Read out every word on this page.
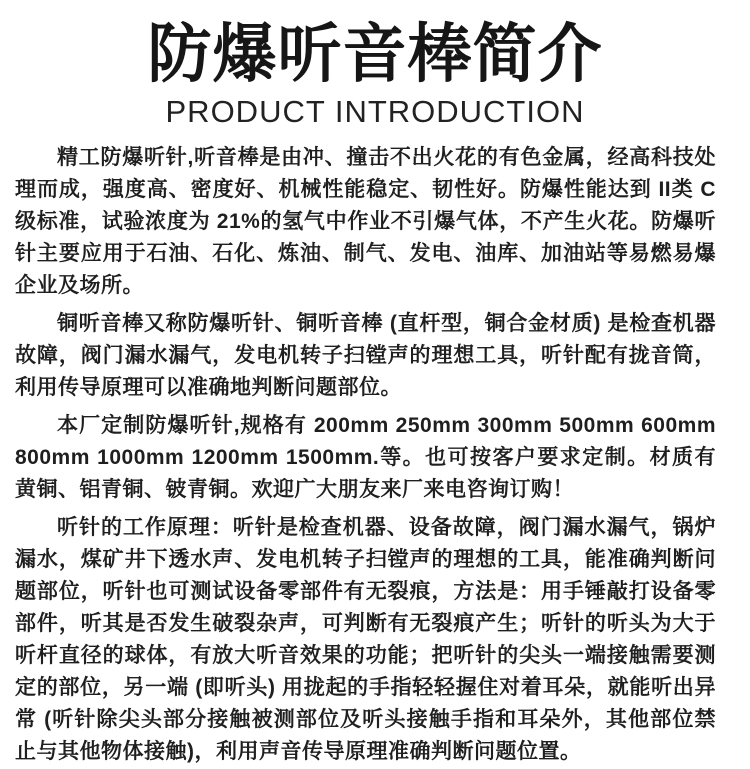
防爆听音棒简介
PRODUCT INTRODUCTION

精工防爆听针,听音棒是由冲、撞击不出火花的有色金属，经高科技处理而成，强度高、密度好、机械性能稳定、韧性好。防爆性能达到 II类 C级标准，试验浓度为 21%的氢气中作业不引爆气体，不产生火花。防爆听针主要应用于石油、石化、炼油、制气、发电、油库、加油站等易燃易爆企业及场所。

铜听音棒又称防爆听针、铜听音棒 (直杆型，铜合金材质) 是检查机器故障，阀门漏水漏气，发电机转子扫镗声的理想工具，听针配有拢音筒，利用传导原理可以准确地判断问题部位。

本厂定制防爆听针,规格有 200mm 250mm 300mm 500mm 600mm 800mm 1000mm 1200mm 1500mm.等。也可按客户要求定制。材质有黄铜、铝青铜、铍青铜。欢迎广大朋友来厂来电咨询订购！

听针的工作原理：听针是检查机器、设备故障，阀门漏水漏气，锅炉漏水，煤矿井下透水声、发电机转子扫镗声的理想的工具，能准确判断问题部位，听针也可测试设备零部件有无裂痕，方法是：用手锤敲打设备零部件，听其是否发生破裂杂声，可判断有无裂痕产生；听针的听头为大于听杆直径的球体，有放大听音效果的功能；把听针的尖头一端接触需要测定的部位，另一端 (即听头) 用拢起的手指轻轻握住对着耳朵，就能听出异常 (听针除尖头部分接触被测部位及听头接触手指和耳朵外，其他部位禁止与其他物体接触)，利用声音传导原理准确判断问题位置。
